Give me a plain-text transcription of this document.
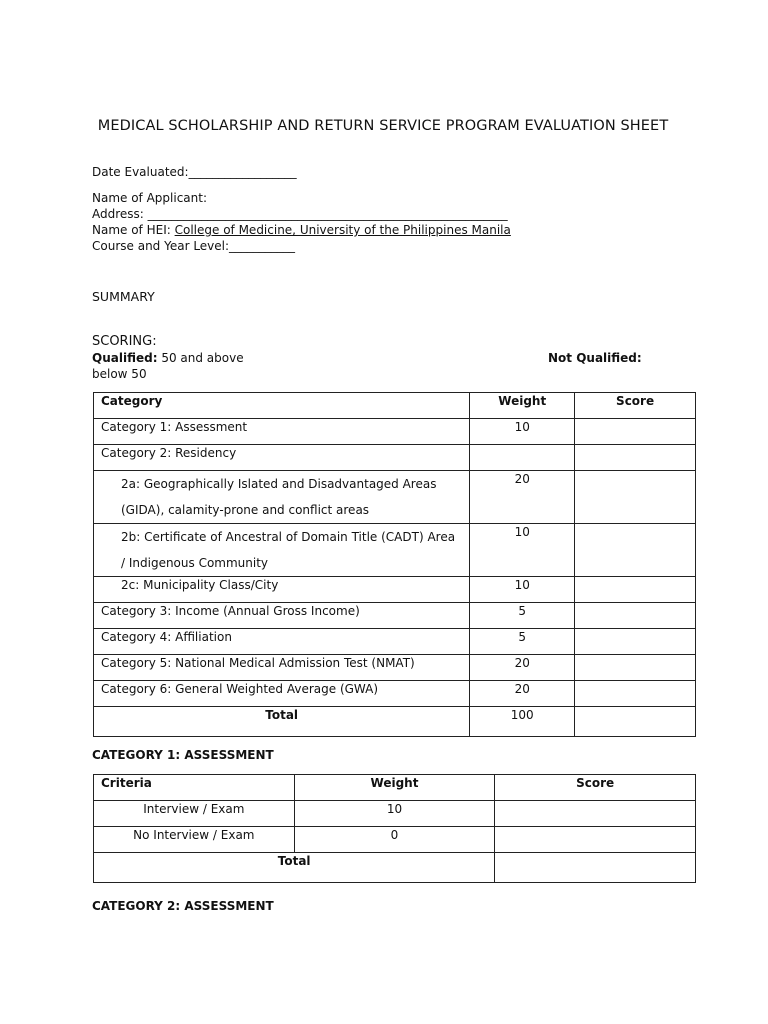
MEDICAL SCHOLARSHIP AND RETURN SERVICE PROGRAM EVALUATION SHEET
Date Evaluated:__________________
Name of Applicant:
Address: ____________________________________________________________
Name of HEI: College of Medicine, University of the Philippines Manila
Course and Year Level:___________
SUMMARY
SCORING:
Qualified: 50 and above	Not Qualified:
below 50
Category	Weight	Score
Category 1: Assessment	10	
Category 2: Residency		
2a: Geographically Islated and Disadvantaged Areas (GIDA), calamity-prone and conflict areas	20	
2b: Certificate of Ancestral of Domain Title (CADT) Area / Indigenous Community	10	
2c: Municipality Class/City	10	
Category 3: Income (Annual Gross Income)	5	
Category 4: Affiliation	5	
Category 5: National Medical Admission Test (NMAT)	20	
Category 6: General Weighted Average (GWA)	20	
Total	100	
CATEGORY 1: ASSESSMENT
Criteria	Weight	Score
Interview / Exam	10	
No Interview / Exam	0	
Total		
CATEGORY 2: ASSESSMENT
